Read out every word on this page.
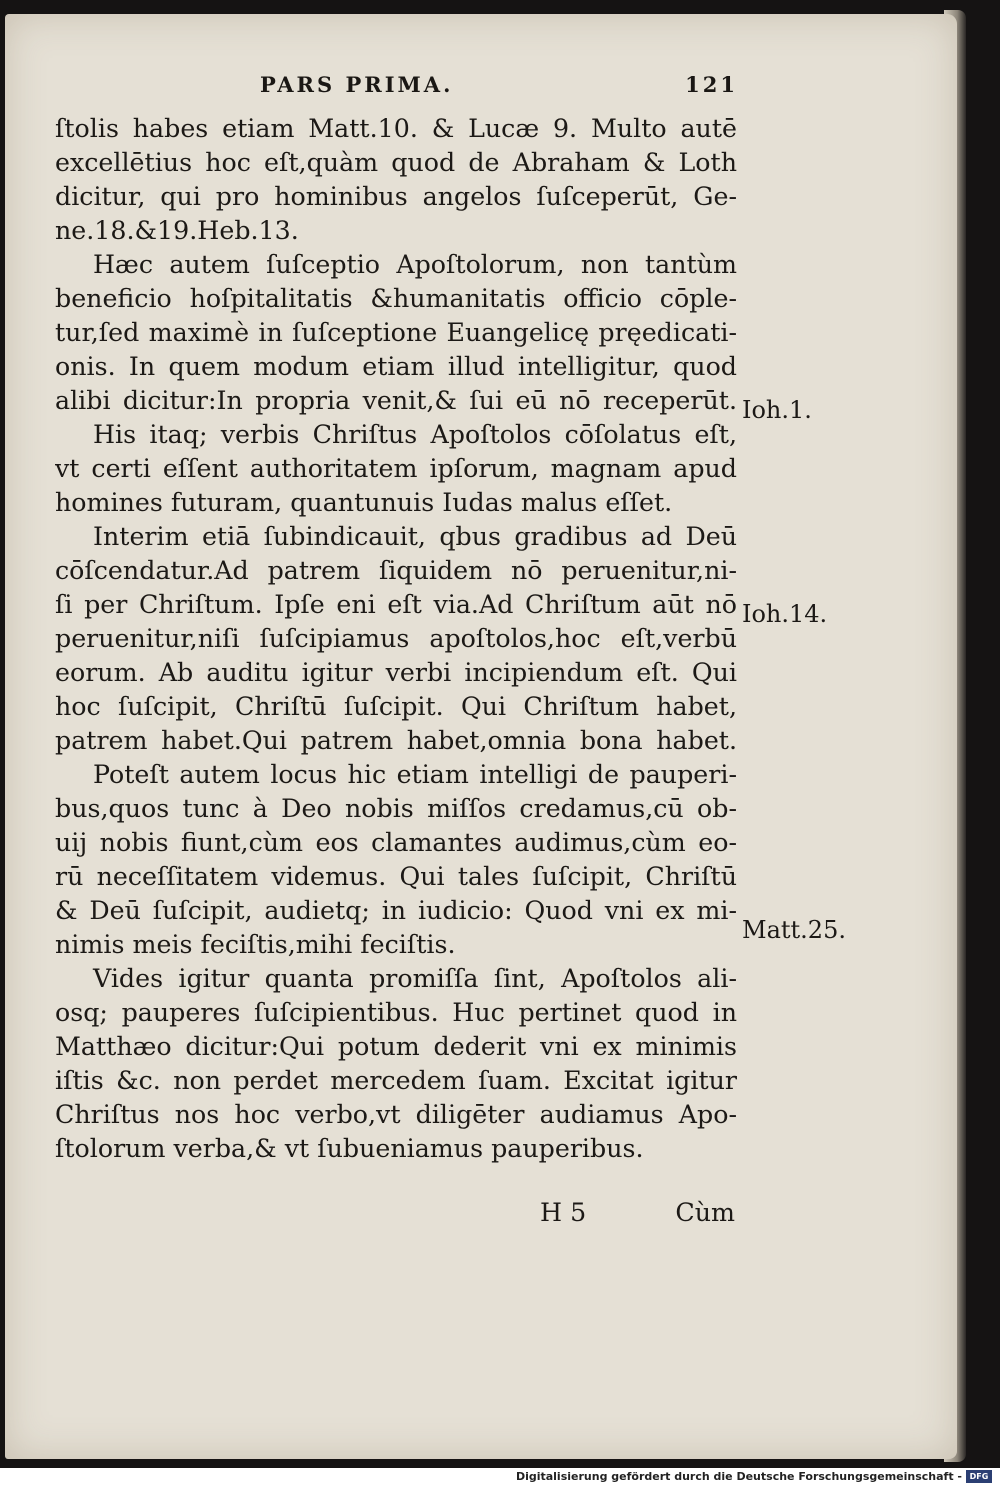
PARS PRIMA.	121
ſtolis habes etiam Matt.10. & Lucæ 9. Multo autē
excellētius hoc eſt,quàm quod de Abraham & Loth
dicitur, qui pro hominibus angelos ſuſceperūt, Ge-
ne.18.&19.Heb.13.
Hæc autem ſuſceptio Apoſtolorum, non tantùm
beneficio hoſpitalitatis &humanitatis officio cōple-
tur,ſed maximè in ſuſceptione Euangelicę pręedicati-
onis. In quem modum etiam illud intelligitur, quod
alibi dicitur:In propria venit,& ſui eū nō receperūt.
His itaq; verbis Chriſtus Apoſtolos cōſolatus eſt,
vt certi eſſent authoritatem ipſorum, magnam apud
homines futuram, quantunuis Iudas malus eſſet.
Interim etiā ſubindicauit, qbus gradibus ad Deū
cōſcendatur.Ad patrem ſiquidem nō peruenitur,ni-
ſi per Chriſtum. Ipſe eni eſt via.Ad Chriſtum aūt nō
peruenitur,niſi ſuſcipiamus apoſtolos,hoc eſt,verbū
eorum. Ab auditu igitur verbi incipiendum eſt. Qui
hoc ſuſcipit, Chriſtū ſuſcipit. Qui Chriſtum habet,
patrem habet.Qui patrem habet,omnia bona habet.
Poteſt autem locus hic etiam intelligi de pauperi-
bus,quos tunc à Deo nobis miſſos credamus,cū ob-
uij nobis fiunt,cùm eos clamantes audimus,cùm eo-
rū neceſſitatem videmus. Qui tales ſuſcipit, Chriſtū
& Deū ſuſcipit, audietq; in iudicio: Quod vni ex mi-
nimis meis feciſtis,mihi feciſtis.
Vides igitur quanta promiſſa ſint, Apoſtolos ali-
osq; pauperes ſuſcipientibus. Huc pertinet quod in
Matthæo dicitur:Qui potum dederit vni ex minimis
iſtis &c. non perdet mercedem ſuam. Excitat igitur
Chriſtus nos hoc verbo,vt diligēter audiamus Apo-
ſtolorum verba,& vt ſubueniamus pauperibus.
Ioh.1.
Ioh.14.
Matt.25.
H 5	Cùm
Digitalisierung gefördert durch die Deutsche Forschungsgemeinschaft - DFG
